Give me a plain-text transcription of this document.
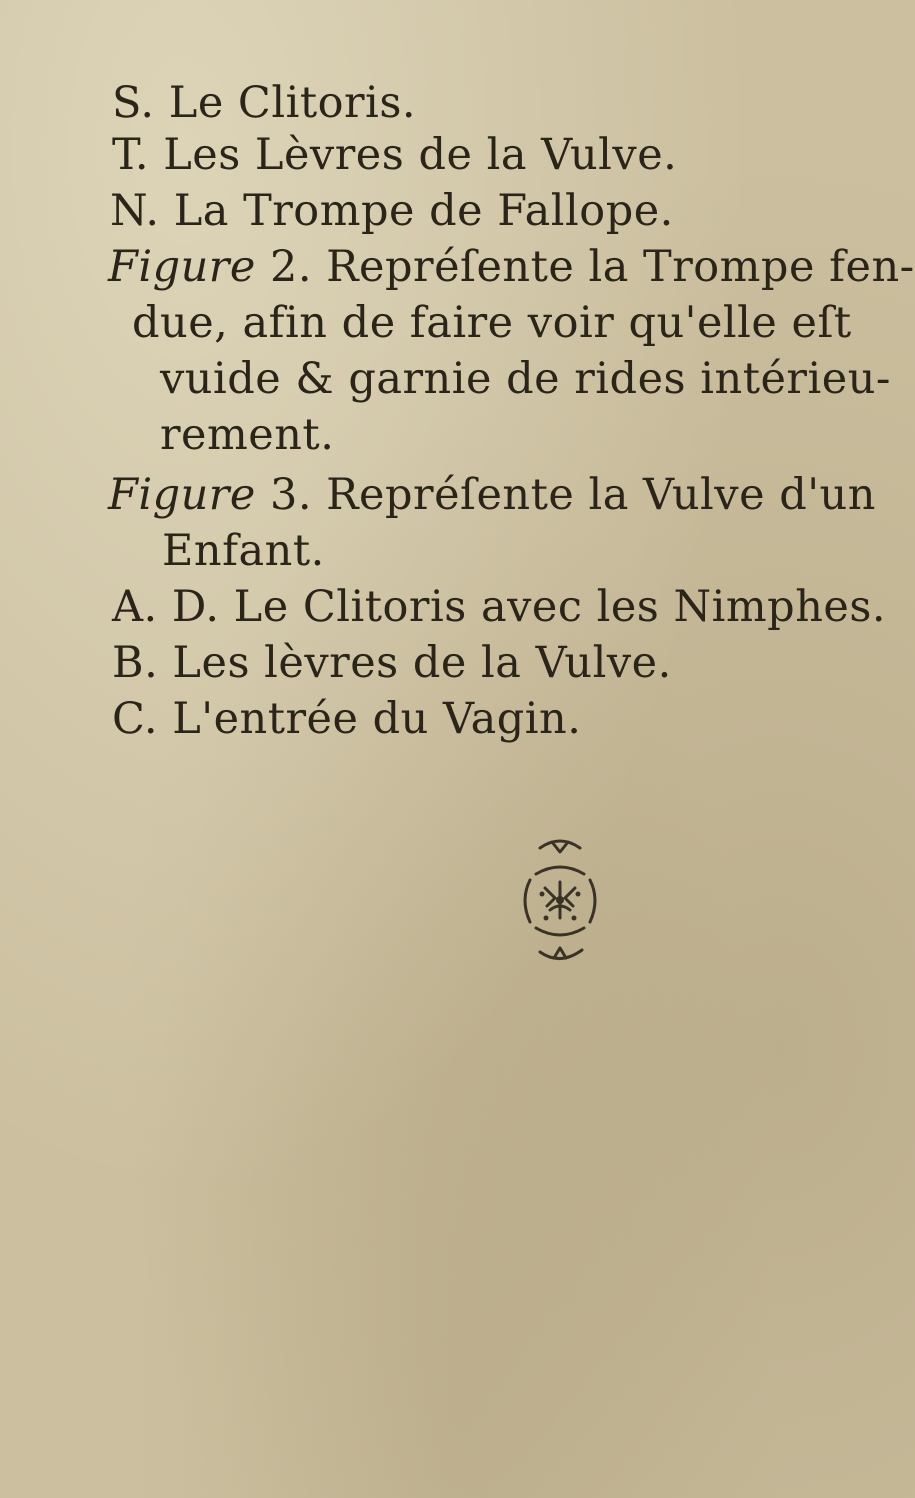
S. Le Clitoris.
T. Les Lèvres de la Vulve.
N. La Trompe de Fallope.
Figure 2. Repréſente la Trompe fen-
due, afin de faire voir qu'elle eſt
vuide & garnie de rides intérieu-
rement.
Figure 3. Repréſente la Vulve d'un
Enfant.
A. D. Le Clitoris avec les Nimphes.
B. Les lèvres de la Vulve.
C. L'entrée du Vagin.
